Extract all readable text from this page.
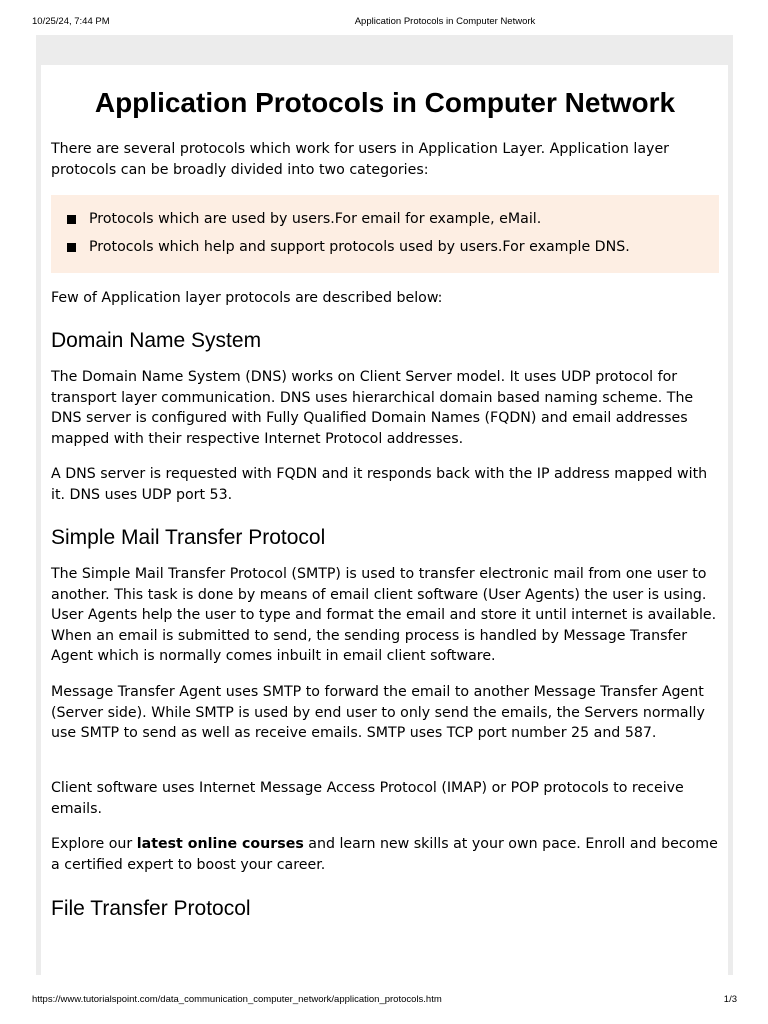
10/25/24, 7:44 PM	Application Protocols in Computer Network
Application Protocols in Computer Network

There are several protocols which work for users in Application Layer. Application layer protocols can be broadly divided into two categories:

Protocols which are used by users.For email for example, eMail.
Protocols which help and support protocols used by users.For example DNS.

Few of Application layer protocols are described below:

Domain Name System

The Domain Name System (DNS) works on Client Server model. It uses UDP protocol for transport layer communication. DNS uses hierarchical domain based naming scheme. The DNS server is configured with Fully Qualified Domain Names (FQDN) and email addresses mapped with their respective Internet Protocol addresses.

A DNS server is requested with FQDN and it responds back with the IP address mapped with it. DNS uses UDP port 53.

Simple Mail Transfer Protocol

The Simple Mail Transfer Protocol (SMTP) is used to transfer electronic mail from one user to another. This task is done by means of email client software (User Agents) the user is using. User Agents help the user to type and format the email and store it until internet is available. When an email is submitted to send, the sending process is handled by Message Transfer Agent which is normally comes inbuilt in email client software.

Message Transfer Agent uses SMTP to forward the email to another Message Transfer Agent (Server side). While SMTP is used by end user to only send the emails, the Servers normally use SMTP to send as well as receive emails. SMTP uses TCP port number 25 and 587.

Client software uses Internet Message Access Protocol (IMAP) or POP protocols to receive emails.

Explore our latest online courses and learn new skills at your own pace. Enroll and become a certified expert to boost your career.

File Transfer Protocol
https://www.tutorialspoint.com/data_communication_computer_network/application_protocols.htm	1/3
